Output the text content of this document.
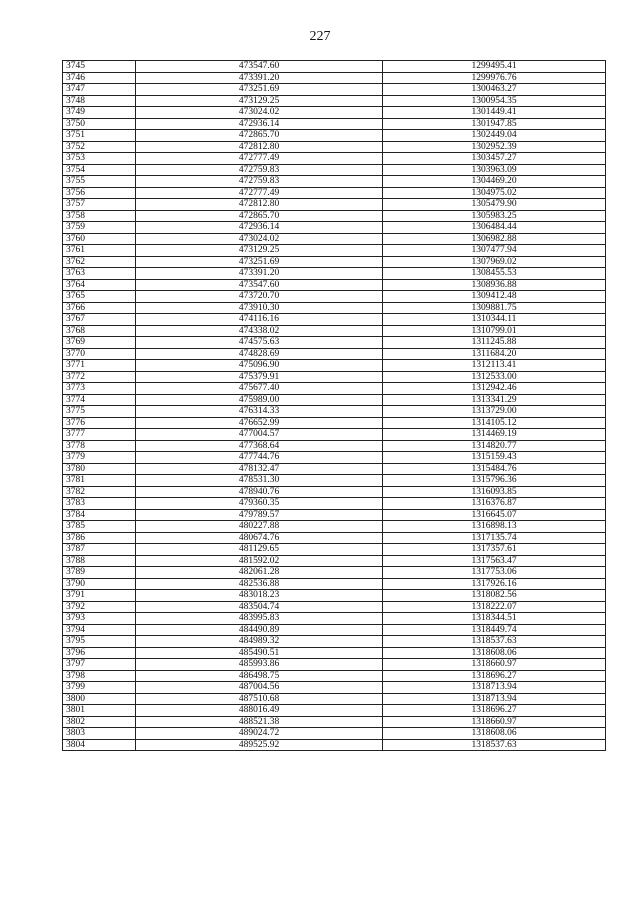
227
3745	473547.60	1299495.41
3746	473391.20	1299976.76
3747	473251.69	1300463.27
3748	473129.25	1300954.35
3749	473024.02	1301449.41
3750	472936.14	1301947.85
3751	472865.70	1302449.04
3752	472812.80	1302952.39
3753	472777.49	1303457.27
3754	472759.83	1303963.09
3755	472759.83	1304469.20
3756	472777.49	1304975.02
3757	472812.80	1305479.90
3758	472865.70	1305983.25
3759	472936.14	1306484.44
3760	473024.02	1306982.88
3761	473129.25	1307477.94
3762	473251.69	1307969.02
3763	473391.20	1308455.53
3764	473547.60	1308936.88
3765	473720.70	1309412.48
3766	473910.30	1309881.75
3767	474116.16	1310344.11
3768	474338.02	1310799.01
3769	474575.63	1311245.88
3770	474828.69	1311684.20
3771	475096.90	1312113.41
3772	475379.91	1312533.00
3773	475677.40	1312942.46
3774	475989.00	1313341.29
3775	476314.33	1313729.00
3776	476652.99	1314105.12
3777	477004.57	1314469.19
3778	477368.64	1314820.77
3779	477744.76	1315159.43
3780	478132.47	1315484.76
3781	478531.30	1315796.36
3782	478940.76	1316093.85
3783	479360.35	1316376.87
3784	479789.57	1316645.07
3785	480227.88	1316898.13
3786	480674.76	1317135.74
3787	481129.65	1317357.61
3788	481592.02	1317563.47
3789	482061.28	1317753.06
3790	482536.88	1317926.16
3791	483018.23	1318082.56
3792	483504.74	1318222.07
3793	483995.83	1318344.51
3794	484490.89	1318449.74
3795	484989.32	1318537.63
3796	485490.51	1318608.06
3797	485993.86	1318660.97
3798	486498.75	1318696.27
3799	487004.56	1318713.94
3800	487510.68	1318713.94
3801	488016.49	1318696.27
3802	488521.38	1318660.97
3803	489024.72	1318608.06
3804	489525.92	1318537.63
